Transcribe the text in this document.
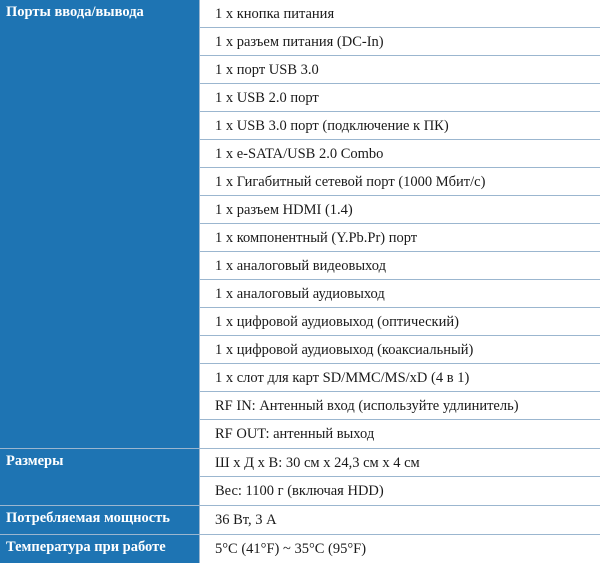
Порты ввода/вывода	1 x кнопка питания
1 x разъем питания (DC-In)
1 x порт USB 3.0
1 x USB 2.0 порт
1 x USB 3.0 порт (подключение к ПК)
1 x e-SATA/USB 2.0 Combo
1 x Гигабитный сетевой порт (1000 Мбит/с)
1 x разъем HDMI (1.4)
1 x компонентный (Y.Pb.Pr) порт
1 x аналоговый видеовыход
1 x аналоговый аудиовыход
1 x цифровой аудиовыход (оптический)
1 x цифровой аудиовыход (коаксиальный)
1 x слот для карт SD/MMC/MS/xD (4 в 1)
RF IN: Антенный вход (используйте удлинитель)
RF OUT: антенный выход
Размеры	Ш x Д x В: 30 см x 24,3 см x 4 см
Вес: 1100 г (включая HDD)
Потребляемая мощность	36 Вт, 3 А
Температура при работе	5°C (41°F) ~ 35°C (95°F)
